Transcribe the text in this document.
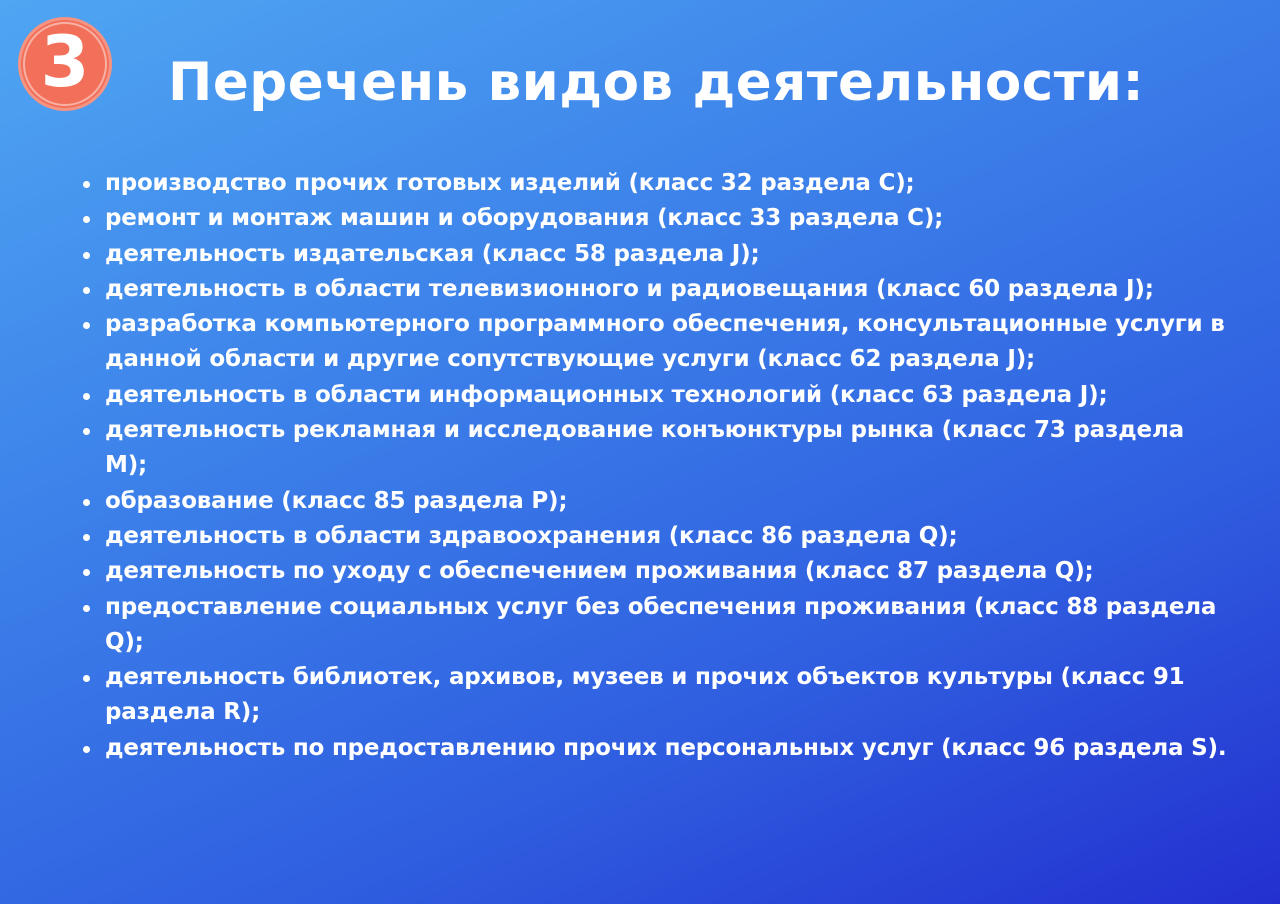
3 Перечень видов деятельности:
производство прочих готовых изделий (класс 32 раздела C);
ремонт и монтаж машин и оборудования (класс 33 раздела C);
деятельность издательская (класс 58 раздела J);
деятельность в области телевизионного и радиовещания (класс 60 раздела J);
разработка компьютерного программного обеспечения, консультационные услуги в данной области и другие сопутствующие услуги (класс 62 раздела J);
деятельность в области информационных технологий (класс 63 раздела J);
деятельность рекламная и исследование конъюнктуры рынка (класс 73 раздела M);
образование (класс 85 раздела P);
деятельность в области здравоохранения (класс 86 раздела Q);
деятельность по уходу с обеспечением проживания (класс 87 раздела Q);
предоставление социальных услуг без обеспечения проживания (класс 88 раздела Q);
деятельность библиотек, архивов, музеев и прочих объектов культуры (класс 91 раздела R);
деятельность по предоставлению прочих персональных услуг (класс 96 раздела S).
